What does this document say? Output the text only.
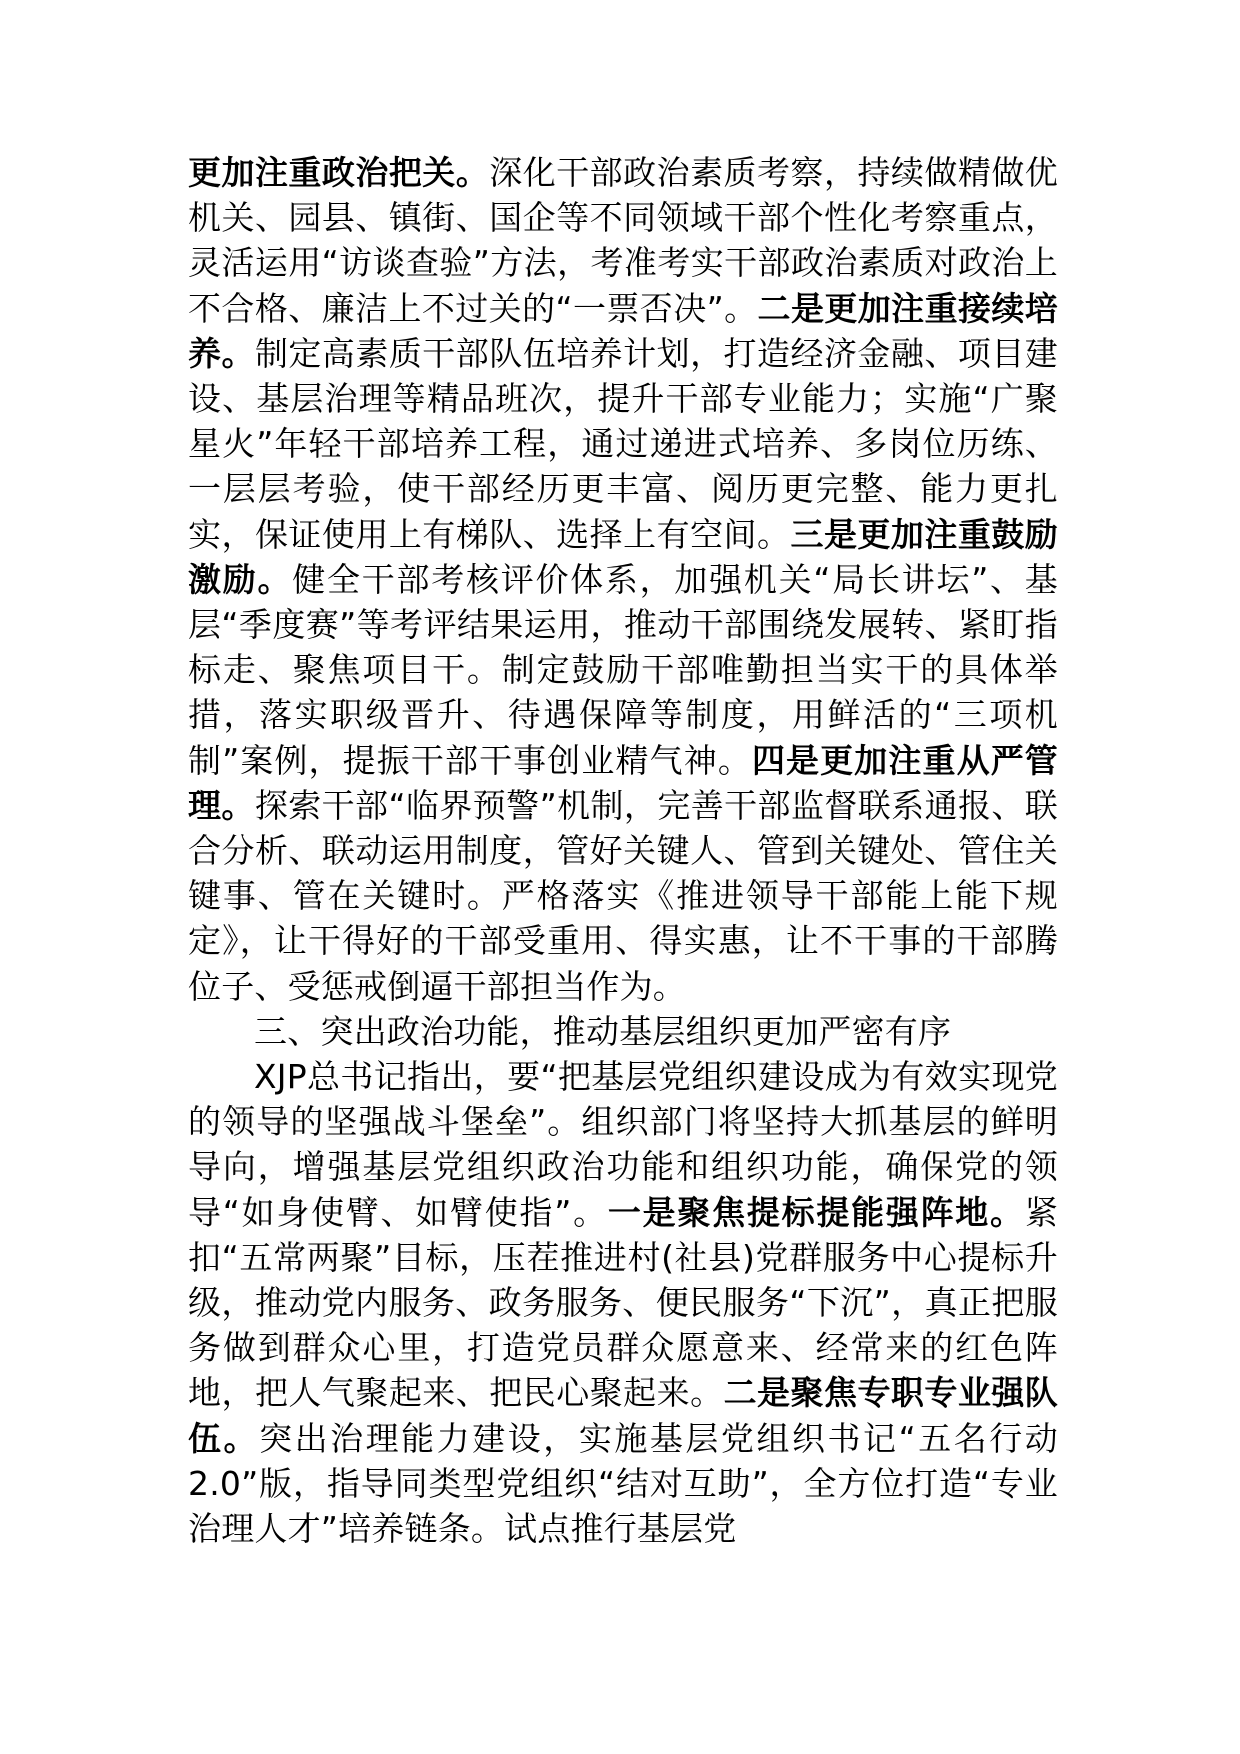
更加注重政治把关。深化干部政治素质考察，持续做精做优机关、园县、镇街、国企等不同领域干部个性化考察重点，灵活运用“访谈查验”方法，考准考实干部政治素质对政治上不合格、廉洁上不过关的“一票否决”。二是更加注重接续培养。制定高素质干部队伍培养计划，打造经济金融、项目建设、基层治理等精品班次，提升干部专业能力；实施“广聚星火”年轻干部培养工程，通过递进式培养、多岗位历练、一层层考验，使干部经历更丰富、阅历更完整、能力更扎实，保证使用上有梯队、选择上有空间。三是更加注重鼓励激励。健全干部考核评价体系，加强机关“局长讲坛”、基层“季度赛”等考评结果运用，推动干部围绕发展转、紧盯指标走、聚焦项目干。制定鼓励干部唯勤担当实干的具体举措，落实职级晋升、待遇保障等制度，用鲜活的“三项机制”案例，提振干部干事创业精气神。四是更加注重从严管理。探索干部“临界预警”机制，完善干部监督联系通报、联合分析、联动运用制度，管好关键人、管到关键处、管住关键事、管在关键时。严格落实《推进领导干部能上能下规定》，让干得好的干部受重用、得实惠，让不干事的干部腾位子、受惩戒倒逼干部担当作为。

三、突出政治功能，推动基层组织更加严密有序

XJP总书记指出，要“把基层党组织建设成为有效实现党的领导的坚强战斗堡垒”。组织部门将坚持大抓基层的鲜明导向，增强基层党组织政治功能和组织功能，确保党的领导“如身使臂、如臂使指”。一是聚焦提标提能强阵地。紧扣“五常两聚”目标，压茬推进村(社县)党群服务中心提标升级，推动党内服务、政务服务、便民服务“下沉”，真正把服务做到群众心里，打造党员群众愿意来、经常来的红色阵地，把人气聚起来、把民心聚起来。二是聚焦专职专业强队伍。突出治理能力建设，实施基层党组织书记“五名行动2.0”版，指导同类型党组织“结对互助”，全方位打造“专业治理人才”培养链条。试点推行基层党
